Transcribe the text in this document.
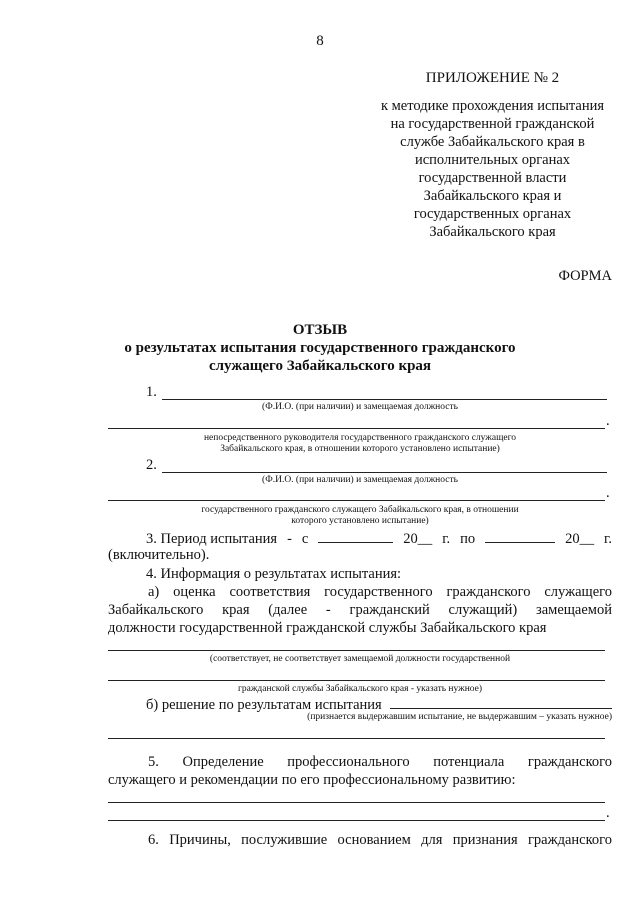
8
ПРИЛОЖЕНИЕ № 2
к методике прохождения испытания
на государственной гражданской
службе Забайкальского края в
исполнительных органах
государственной власти
Забайкальского края и
государственных органах
Забайкальского края
ФОРМА
ОТЗЫВ
о результатах испытания государственного гражданского
служащего Забайкальского края
1.
(Ф.И.О. (при наличии) и замещаемая должность
.
непосредственного руководителя государственного гражданского служащего
Забайкальского края, в отношении которого установлено испытание)
2.
(Ф.И.О. (при наличии) и замещаемая должность
.
государственного гражданского служащего Забайкальского края, в отношении
которого установлено испытание)
3. Период испытания - с	20__ г. по	20__ г.
(включительно).
4. Информация о результатах испытания:
а) оценка соответствия государственного гражданского служащего
Забайкальского края (далее - гражданский служащий) замещаемой
должности государственной гражданской службы Забайкальского края
(соответствует, не соответствует замещаемой должности государственной
гражданской службы Забайкальского края - указать нужное)
б) решение по результатам испытания
(признается выдержавшим испытание, не выдержавшим – указать нужное)
5. Определение профессионального потенциала гражданского
служащего и рекомендации по его профессиональному развитию:
.
6. Причины, послужившие основанием для признания гражданского
